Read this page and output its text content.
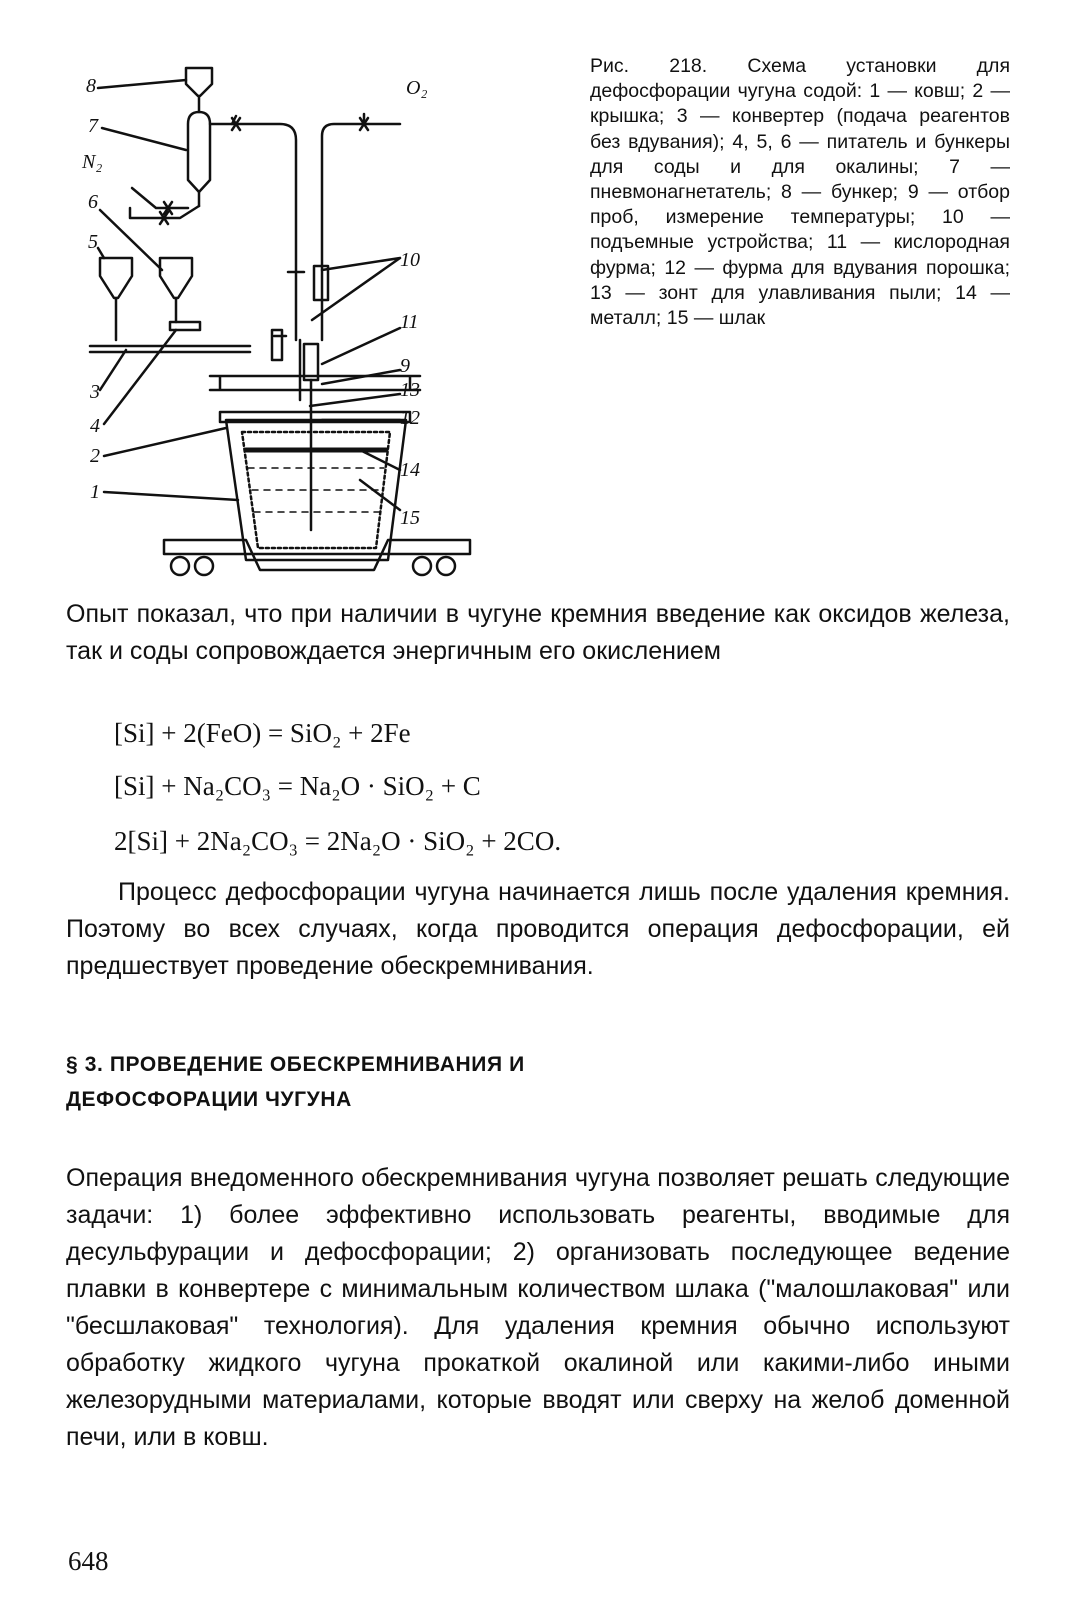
8
7
N₂
O₂
6
5
10
11
9
13
12
3
4
2
1
14
15
Рис. 218. Схема установки для дефосфорации чугуна содой: 1 — ковш; 2 — крышка; 3 — конвертер (подача реагентов без вдувания); 4, 5, 6 — питатель и бункеры для соды и для окалины; 7 — пневмонагнетатель; 8 — бункер; 9 — отбор проб, измерение температуры; 10 — подъемные устройства; 11 — кислородная фурма; 12 — фурма для вдувания порошка; 13 — зонт для улавливания пыли; 14 — металл; 15 — шлак
Опыт показал, что при наличии в чугуне кремния введение как оксидов железа, так и соды сопровождается энергичным его окислением
[Si] + 2(FeO) = SiO₂ + 2Fe
[Si] + Na₂CO₃ = Na₂O · SiO₂ + C
2[Si] + 2Na₂CO₃ = 2Na₂O · SiO₂ + 2CO.
Процесс дефосфорации чугуна начинается лишь после удаления кремния. Поэтому во всех случаях, когда проводится операция дефосфорации, ей предшествует проведение обескремнивания.
§ 3. ПРОВЕДЕНИЕ ОБЕСКРЕМНИВАНИЯ И
ДЕФОСФОРАЦИИ ЧУГУНА
Операция внедоменного обескремнивания чугуна позволяет решать следующие задачи: 1) более эффективно использовать реагенты, вводимые для десульфурации и дефосфорации; 2) организовать последующее ведение плавки в конвертере с минимальным количеством шлака ("малошлаковая" или "бесшлаковая" технология). Для удаления кремния обычно используют обработку жидкого чугуна прокаткой окалиной или какими-либо иными железорудными материалами, которые вводят или сверху на желоб доменной печи, или в ковш.
648
